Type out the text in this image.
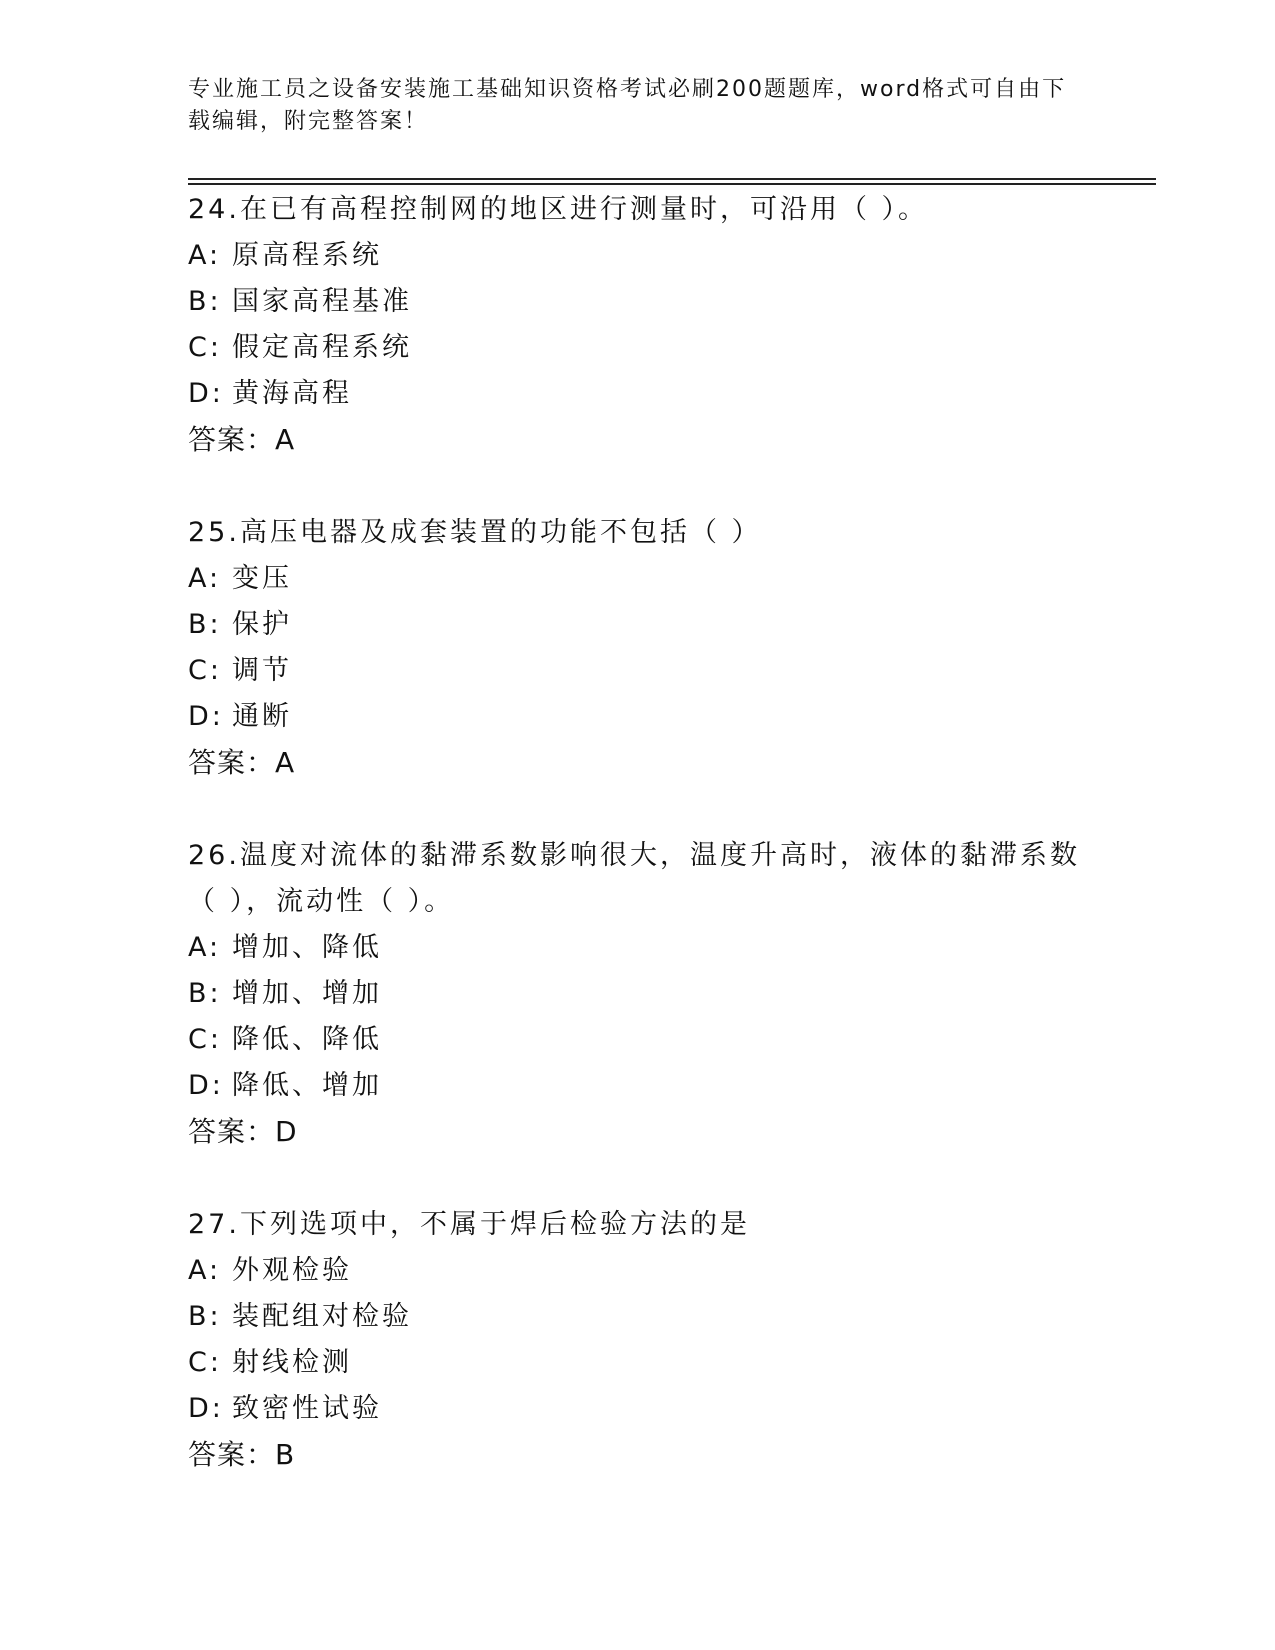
专业施工员之设备安装施工基础知识资格考试必刷200题题库，word格式可自由下载编辑，附完整答案！
24.在已有高程控制网的地区进行测量时，可沿用（ ）。
A: 原高程系统
B: 国家高程基准
C: 假定高程系统
D: 黄海高程
答案：A
25.高压电器及成套装置的功能不包括（ ）
A: 变压
B: 保护
C: 调节
D: 通断
答案：A
26.温度对流体的黏滞系数影响很大，温度升高时，液体的黏滞系数（ ），流动性（ ）。
A: 增加、降低
B: 增加、增加
C: 降低、降低
D: 降低、增加
答案：D
27.下列选项中，不属于焊后检验方法的是
A: 外观检验
B: 装配组对检验
C: 射线检测
D: 致密性试验
答案：B
